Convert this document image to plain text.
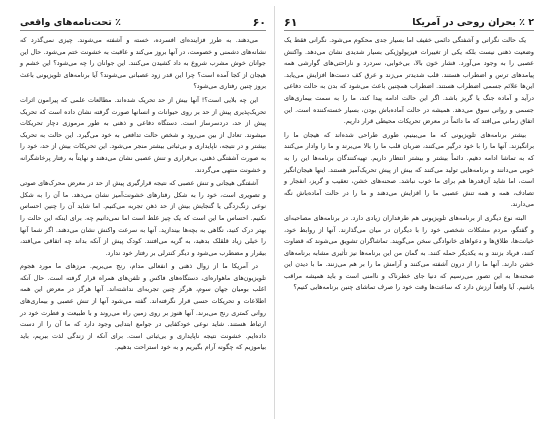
۶۰
٪ تحت‌نامه‌های واقعی

می‌دهند. به طرز فزاینده‌ای افسرده، خسته و آشفته می‌شوند. چیزی نمی‌گذرد که نشانه‌های دشمنی و خصومت، در آنها بروز می‌کند و عاقبت به خشونت ختم می‌شود. حال این جوانان خوش مشرب شروع به داد کشیدن می‌کنند. این جوانان را چه می‌شود؟ این خشم و هیجان از کجا آمده است؟ چرا این قدر زود عصبانی می‌شوند؟ آیا برنامه‌های تلویزیونی باعث بروز چنین رفتاری می‌شود؟

این چه بلایی است؟! آنها بیش از حد تحریک شده‌اند. مطالعات علمی که پیرامون اثرات تحریک‌پذیری پیش از حد بر روی حیوانات و انسانها صورت گرفته نشان داده است که تحریک پیش از حد، دردسرساز است. دستگاه دفاعی و ذهنی به طور مرموزی دچار تحریکات میشوند. تعادل از بین می‌رود و شخص حالت تدافعی به خود می‌گیرد. این حالت به تحریک بیشتر و در نتیجه، ناپایداری و بی‌ثباتی بیشتر منجر می‌شود. این تحریکات بیش از حد، خود را به صورت آشفتگی ذهنی، بی‌قراری و تنش عصبی نشان می‌دهند و نهایتاً به رفتار پرخاشگرانه و خشونت منتهی می‌گردند.

آشفتگی هیجانی و تنش عصبی که نتیجه قرارگیری پیش از حد در معرض محرک‌های صوتی و تصویری است، خود را به شکل رفتارهای خشونت‌آمیز نشان می‌دهد. ما آن را به شکل نوعی زنگ‌زدگی یا گنجایش بیش از حد ذهن تجربه می‌کنیم. اما شاید آن را چنین احساس نکنیم. احساس ما این است که یک چیز غلط است اما نمی‌دانیم چه. برای اینکه این حالت را بهتر درک کنید، نگاهی به بچه‌ها بیندازید. آنها به سرعت واکنش نشان می‌دهند. اگر شما آنها را خیلی زیاد قلقلک بدهید، به گریه می‌افتند. کودک پیش از آنکه بداند چه اتفاقی می‌افتد، بیقرار و مضطرب می‌شود و دیگر کنترلی بر رفتار خود ندارد.

در آمریکا ما از زوال ذهنی و انفعالی مدام، رنج می‌بریم. مرزهای ما مورد هجوم تلویزیون‌های ماهواره‌ای، دستگاه‌های فاکس و تلفن‌های همراه قرار گرفته است. حال آنکه اغلب بومیان جهان سوم، هرگز چنین تجربه‌ای نداشته‌اند. آنها هرگز در معرض این همه اطلاعات و تحریکات حسی قرار نگرفته‌اند. گفته می‌شود آنها از تنش عصبی و بیماری‌های روانی کمتری رنج می‌برند. آنها هنوز بر روی زمین راه می‌روند و با طبیعت و فطرت خود در ارتباط هستند. شاید نوعی خودکفایی در جوامع ابتدایی وجود دارد که ما آن را از دست داده‌ایم. خشونت نتیجه ناپایداری و بی‌ثباتی است. برای آنکه از زندگی لذت ببریم، باید بیاموزیم که چگونه آرام بگیریم و به خود استراحت بدهیم.

۲ ٪ بحران روحی در آمریکا
۶۱

یک حالت نگرانی و آشفتگی دائمی خفیف اما بسیار جدی محکوم می‌شود. نگرانی فقط یک وضعیت ذهنی نیست بلکه یکی از تغییرات فیزیولوژیکی بسیار شدیدی نشان می‌دهد. واکنش عصبی را به وجود می‌آورد. فشار خون بالا، بی‌خوابی، سردرد و ناراحتی‌های گوارشی همه پیامدهای ترس و اضطراب هستند. قلب شدیدتر می‌زند و عرق کف دست‌ها افزایش می‌یابد. این‌ها علائم جسمی اضطراب هستند. اضطراب همچنین باعث می‌شود که بدن به حالت دفاعی درآید و آماده جنگ یا گریز باشد. اگر این حالت ادامه پیدا کند، ما را به سمت بیماری‌های جسمی و روانی سوق می‌دهد. همیشه در حالت آماده‌باش بودن، بسیار خسته‌کننده است. این اتفاق زمانی می‌افتد که ما دائماً در معرض تحریکات محیطی قرار داریم.

بیشتر برنامه‌های تلویزیونی که ما می‌بینیم، طوری طراحی شده‌اند که هیجان ما را برانگیزند. آنها ما را با خود درگیر می‌کنند، ضربان قلب ما را بالا می‌برند و ما را وادار می‌کنند که به تماشا ادامه دهیم. دائماً بیشتر و بیشتر انتظار داریم. تهیه‌کنندگان برنامه‌ها این را به خوبی می‌دانند و برنامه‌هایی تولید می‌کنند که بیش از پیش تحریک‌آمیز هستند. اینها هیجان‌انگیز است، اما شاید آن‌قدرها هم برای ما خوب نباشد. صحنه‌های خشن، تعقیب و گریز، انفجار و تصادف، همه و همه تنش عصبی ما را افزایش می‌دهند و ما را در حالت آماده‌باش نگه می‌دارند.

البته نوع دیگری از برنامه‌های تلویزیونی هم طرفداران زیادی دارد. در برنامه‌های مصاحبه‌ای و گفتگو، مردم مشکلات شخصی خود را با دیگران در میان می‌گذارند. آنها از روابط خود، خیانت‌ها، طلاق‌ها و دعواهای خانوادگی سخن می‌گویند. تماشاگران تشویق می‌شوند که قضاوت کنند، فریاد بزنند و به یکدیگر حمله کنند. به گمان من این برنامه‌ها نیز تأثیری مشابه برنامه‌های خشن دارند. آنها ما را از درون آشفته می‌کنند و آرامش ما را بر هم می‌زنند. ما با دیدن این صحنه‌ها به این تصور می‌رسیم که دنیا جای خطرناک و ناامنی است و باید همیشه مراقب باشیم. آیا واقعاً ارزش دارد که ساعت‌ها وقت خود را صرف تماشای چنین برنامه‌هایی کنیم؟
